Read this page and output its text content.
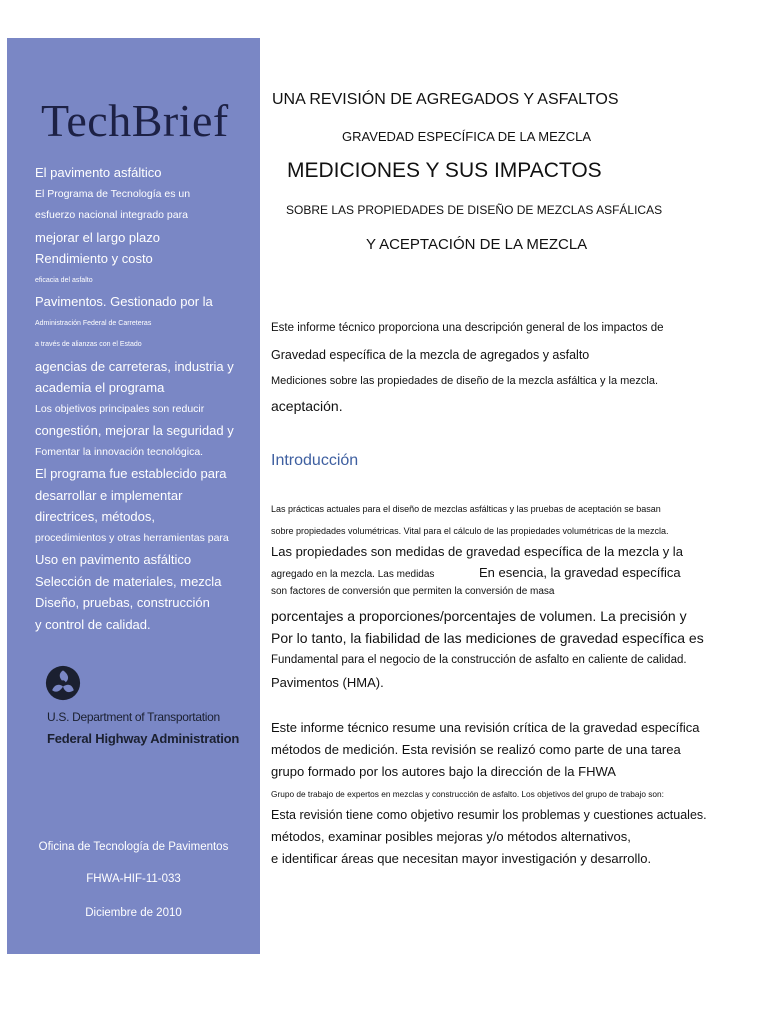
TechBrief
El pavimento asfáltico
El Programa de Tecnología es un
esfuerzo nacional integrado para
mejorar el largo plazo
Rendimiento y costo
eficacia del asfalto
Pavimentos. Gestionado por la
Administración Federal de Carreteras
a través de alianzas con el Estado
agencias de carreteras, industria y
academia el programa
Los objetivos principales son reducir
congestión, mejorar la seguridad y
Fomentar la innovación tecnológica.
El programa fue establecido para
desarrollar e implementar
directrices, métodos,
procedimientos y otras herramientas para
Uso en pavimento asfáltico
Selección de materiales, mezcla
Diseño, pruebas, construcción
y control de calidad.
U.S. Department of Transportation
Federal Highway Administration
Oficina de Tecnología de Pavimentos
FHWA-HIF-11-033
Diciembre de 2010
UNA REVISIÓN DE AGREGADOS Y ASFALTOS
GRAVEDAD ESPECÍFICA DE LA MEZCLA
MEDICIONES Y SUS IMPACTOS
SOBRE LAS PROPIEDADES DE DISEÑO DE MEZCLAS ASFÁLICAS
Y ACEPTACIÓN DE LA MEZCLA
Este informe técnico proporciona una descripción general de los impactos de
Gravedad específica de la mezcla de agregados y asfalto
Mediciones sobre las propiedades de diseño de la mezcla asfáltica y la mezcla.
aceptación.
Introducción
Las prácticas actuales para el diseño de mezclas asfálticas y las pruebas de aceptación se basan
sobre propiedades volumétricas. Vital para el cálculo de las propiedades volumétricas de la mezcla.
Las propiedades son medidas de gravedad específica de la mezcla y la
agregado en la mezcla. Las medidas	En esencia, la gravedad específica
son factores de conversión que permiten la conversión de masa
porcentajes a proporciones/porcentajes de volumen. La precisión y
Por lo tanto, la fiabilidad de las mediciones de gravedad específica es
Fundamental para el negocio de la construcción de asfalto en caliente de calidad.
Pavimentos (HMA).
Este informe técnico resume una revisión crítica de la gravedad específica
métodos de medición. Esta revisión se realizó como parte de una tarea
grupo formado por los autores bajo la dirección de la FHWA
Grupo de trabajo de expertos en mezclas y construcción de asfalto. Los objetivos del grupo de trabajo son:
Esta revisión tiene como objetivo resumir los problemas y cuestiones actuales.
métodos, examinar posibles mejoras y/o métodos alternativos,
e identificar áreas que necesitan mayor investigación y desarrollo.
